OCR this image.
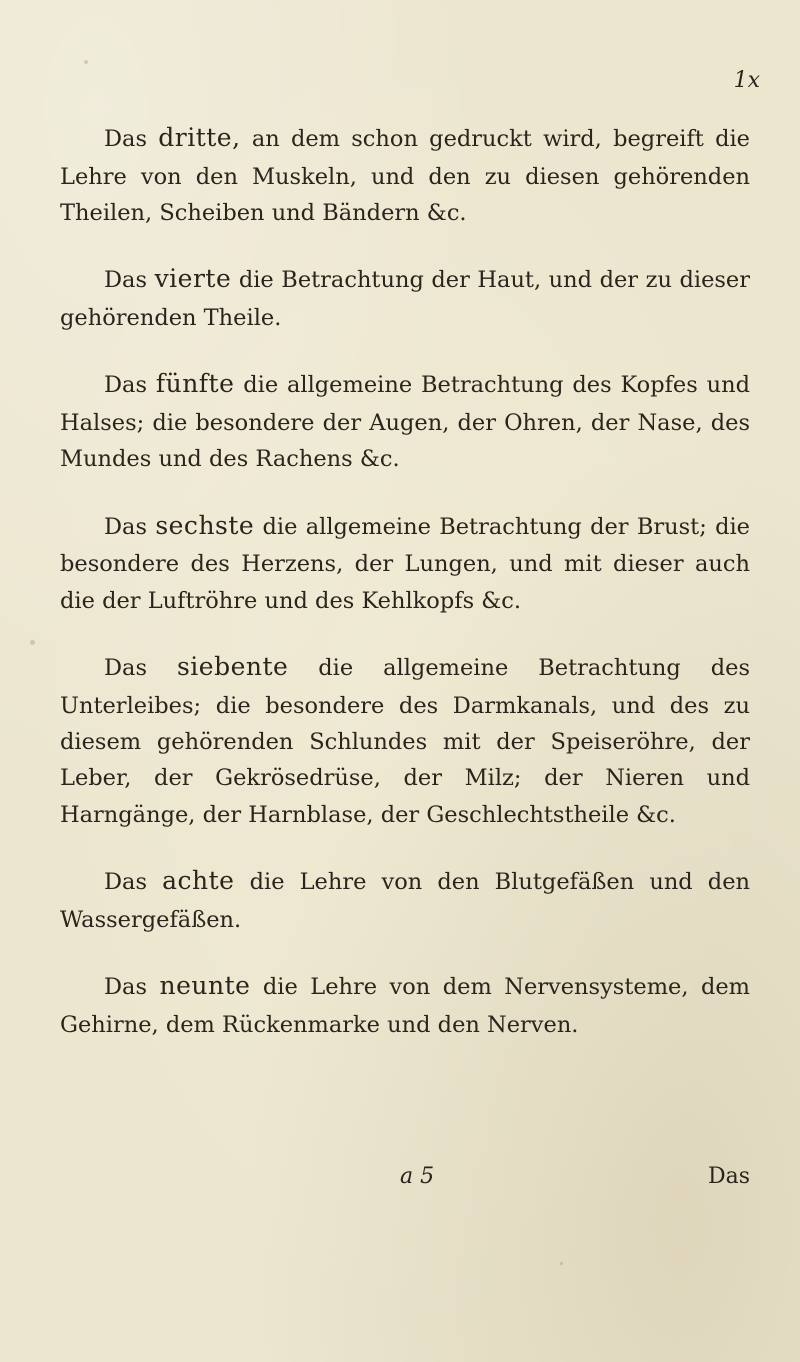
1x

Das dritte, an dem schon gedruckt wird, begreift die Lehre von den Muskeln, und den zu diesen gehörenden Theilen, Scheiben und Bändern &c.

Das vierte die Betrachtung der Haut, und der zu dieser gehörenden Theile.

Das fünfte die allgemeine Betrachtung des Kopfes und Halses; die besondere der Augen, der Ohren, der Nase, des Mundes und des Rachens &c.

Das sechste die allgemeine Betrachtung der Brust; die besondere des Herzens, der Lungen, und mit dieser auch die der Luftröhre und des Kehlkopfs &c.

Das siebente die allgemeine Betrachtung des Unterleibes; die besondere des Darmkanals, und des zu diesem gehörenden Schlundes mit der Speiseröhre, der Leber, der Gekrösedrüse, der Milz; der Nieren und Harngänge, der Harnblase, der Geschlechtstheile &c.

Das achte die Lehre von den Blutgefäßen und den Wassergefäßen.

Das neunte die Lehre von dem Nervensysteme, dem Gehirne, dem Rückenmarke und den Nerven.

a 5	Das
